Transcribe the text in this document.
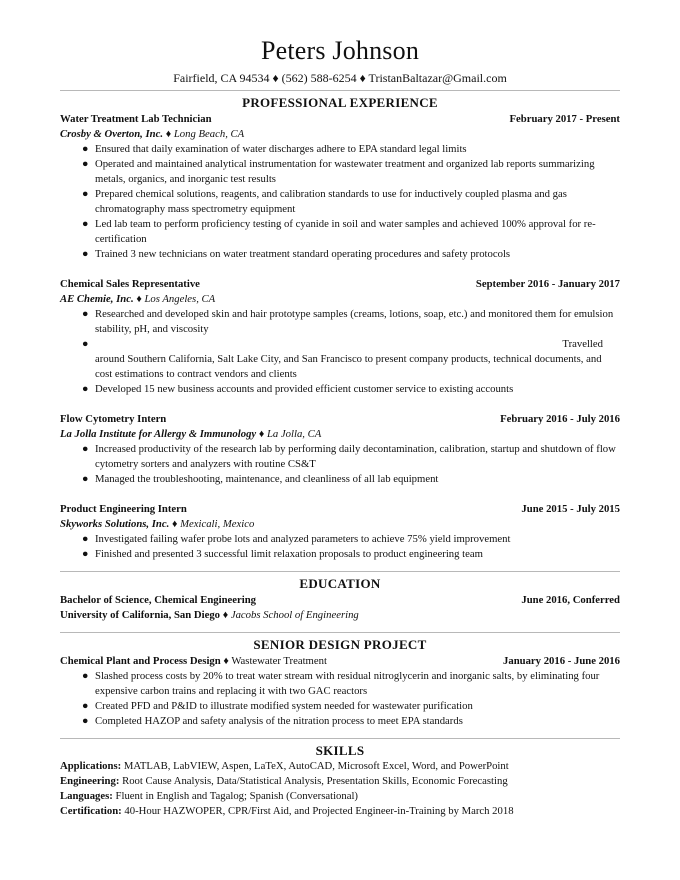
Peters Johnson
Fairfield, CA 94534 ♦ (562) 588-6254 ♦ TristanBaltazar@Gmail.com
PROFESSIONAL EXPERIENCE
Water Treatment Lab Technician	February 2017 - Present
Crosby & Overton, Inc. ♦ Long Beach, CA
● Ensured that daily examination of water discharges adhere to EPA standard legal limits
● Operated and maintained analytical instrumentation for wastewater treatment and organized lab reports summarizing metals, organics, and inorganic test results
● Prepared chemical solutions, reagents, and calibration standards to use for inductively coupled plasma and gas chromatography mass spectrometry equipment
● Led lab team to perform proficiency testing of cyanide in soil and water samples and achieved 100% approval for re-certification
● Trained 3 new technicians on water treatment standard operating procedures and safety protocols
Chemical Sales Representative	September 2016 - January 2017
AE Chemie, Inc. ♦ Los Angeles, CA
● Researched and developed skin and hair prototype samples (creams, lotions, soap, etc.) and monitored them for emulsion stability, pH, and viscosity
●	Travelled
around Southern California, Salt Lake City, and San Francisco to present company products, technical documents, and cost estimations to contract vendors and clients
● Developed 15 new business accounts and provided efficient customer service to existing accounts
Flow Cytometry Intern	February 2016 - July 2016
La Jolla Institute for Allergy & Immunology ♦ La Jolla, CA
● Increased productivity of the research lab by performing daily decontamination, calibration, startup and shutdown of flow cytometry sorters and analyzers with routine CS&T
● Managed the troubleshooting, maintenance, and cleanliness of all lab equipment
Product Engineering Intern	June 2015 - July 2015
Skyworks Solutions, Inc. ♦ Mexicali, Mexico
● Investigated failing wafer probe lots and analyzed parameters to achieve 75% yield improvement
● Finished and presented 3 successful limit relaxation proposals to product engineering team
EDUCATION
Bachelor of Science, Chemical Engineering	June 2016, Conferred
University of California, San Diego ♦ Jacobs School of Engineering
SENIOR DESIGN PROJECT
Chemical Plant and Process Design ♦ Wastewater Treatment	January 2016 - June 2016
● Slashed process costs by 20% to treat water stream with residual nitroglycerin and inorganic salts, by eliminating four expensive carbon trains and replacing it with two GAC reactors
● Created PFD and P&ID to illustrate modified system needed for wastewater purification
● Completed HAZOP and safety analysis of the nitration process to meet EPA standards
SKILLS

Applications: MATLAB, LabVIEW, Aspen, LaTeX, AutoCAD, Microsoft Excel, Word, and PowerPoint

Engineering: Root Cause Analysis, Data/Statistical Analysis, Presentation Skills, Economic Forecasting

Languages: Fluent in English and Tagalog; Spanish (Conversational)

Certification: 40-Hour HAZWOPER, CPR/First Aid, and Projected Engineer-in-Training by March 2018
